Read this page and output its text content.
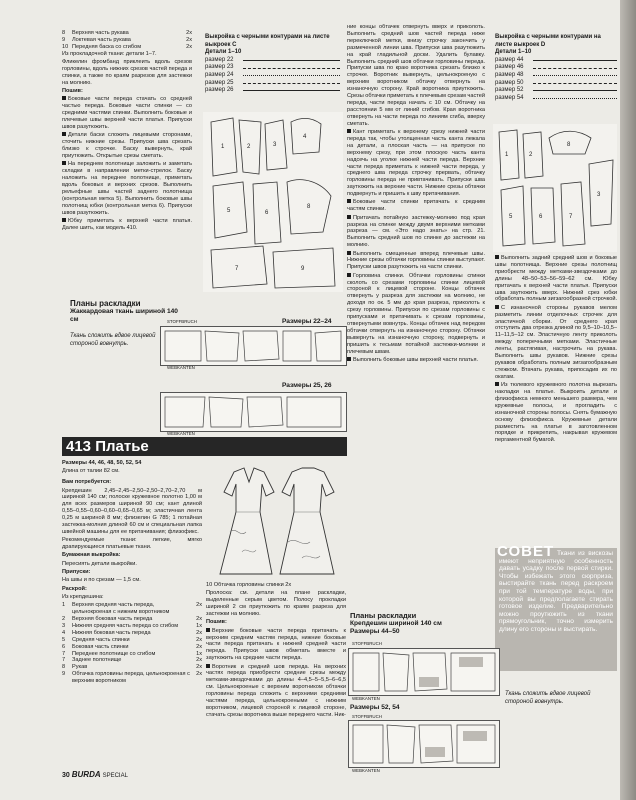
8	Верхняя часть рукава	2x
9	Локтевая часть рукава	2x
10 Передняя баска со сгибом	2x

Из прокладочной ткани: детали 1–7.

Фликелин фромбанд приклеить вдоль срезов горловины, вдоль нижних срезов частей переда и спинки, а также по краям разрезов для застежки на молнию.

Пошив:

Боковые части переда стачать со средней частью переда. Боковые части спинки — со средними частями спинки. Выполнить боковые и плечевые швы верхней части платья. Припуски швов разутюжить.

Детали баски сложить лицевыми сторонами, сточить нижние срезы. Припуски шва срезать близко к строчке. Баску вывернуть, край приутюжить. Открытые срезы сметать.

На переднем полотнище заложить и заметать складки в направлении метки-стрелок. Баску наложить на переднее полотнище, приметать вдоль боковых и верхних срезов. Выполнить рельефные швы частей заднего полотнища (контрольная метка 5). Выполнить боковые швы полотнищ юбки (контрольная метка 6). Припуски швов разутюжить.

Юбку приметать к верхней части платья. Далее шить, как модель 410.

Выкройка с черными контурами на листе выкроек С
Детали 1–10
размер 22
размер 23
размер 24
размер 25
размер 26
1	2	3
4
5	6
8
7	9
Планы раскладки
Жаккардовая ткань шириной 140 см
Ткань сложить вдвое лицевой стороной вовнутрь.
Размеры 22–24
STOFFBRUCH
WEBKANTEN
Размеры 25, 26
WEBKANTEN
413 Платье

Размеры 44, 46, 48, 50, 52, 54

Длина от талии 82 см.

Вам потребуется:

Крепдешин 2,45–2,45–2,50–2,50–2,70–2,70 м шириной 140 см; полоске кружевное полотно 1,00 м для всех размеров шириной 90 см; кант длиной 0,55–0,55–0,60–0,60–0,65–0,65 м; эластичная лента 0,25 м шириной 8 мм; флизелин G 785; 1 потайная застежка-молния длиной 60 см и специальная лапка швейной машины для ее притачивания; флизофикс.

Рекомендуемые ткани: легкие, мягко драпирующиеся платьевые ткани.

Бумажная выкройка:

Пересиять детали выкройки.

Припуски:

На швы и по срезам — 1,5 см.

Раскрой:

Из крепдешина:

1	Верхняя средняя часть переда, цельнокроеная с нижним воротником
2x
2	Верхняя боковая часть переда	2x
3	Нижняя средняя часть переда со сгибом	1x
4	Нижняя боковая часть переда	2x
5	Средняя часть спинки	2x
6	Боковая часть спинки	2x
7	Переднее полотнище со сгибом	1x
7	Заднее полотнище	2x
8	Рукав	2x
9	Обтачка горловины переда, цельнокроеная с верхним воротником
2x

10 Обтачка горловины спинки 2x

Пролоска: см. детали на плане раскладки, выделенные серым цветом. Полосу прокладки шириной 2 см приутюжить по краям разреза для застежки на молнию.

Пошив:

Верхние боковые части переда притачать к верхним средним частям переда, нижние боковые части переда притачать к нижней средней части переда. Припуски швов обметать вместе и заутюжить на средние части переда.

Воротник и средний шов переда. На верхних частях переда приобрести средние срезы между метками-звездочками до длины 4–4,5–5–5,5–6–6,5 см. Цельнокроеные с верхним воротником обтачки горловины переда сложить с верхними средними частями переда, цельнокроеными с нижним воротником, лицевой стороной к лицевой стороне, стачать срезы воротника выше переднего части. Ник-

ние концы обтачек отвернуть вверх и приколоть. Выполнить средний шов частей переда ниже переключкой метки, внизу строчку закончить у размеченной линии шва. Припуски шва разутюжить на край гладильной доски. Удалить булавку. Выполнить средний шов обтачки горловины переда. Припуски шва по краю воротника срезать близко к строчке. Воротник вывернуть, цельнокроеную с верхним воротником обтачку отвернуть на изнаночную сторону. Край воротника приутюжить. Срезы обтачки приметать к плечевым срезам частей переда, части переда начать с 10 см. Обтачку на расстоянии 5 мм от линий сгибов. Края воротника отвернуть на части переда по линиям сгиба, вверху сметать.

Кант приметать к верхнему срезу нижней части переда так, чтобы утолщенная часть канта лежала на детали, а плоская часть — на припуске по верхнему срезу, при этом плоскую часть канта надсечь на уголке нижней части переда. Верхние части переда приметать к нижней части переда, у среднего шва переда строчку прервать, обтачку горловины переда не привтачивать. Припуски шва заутюжить на верхние части. Нижние срезы обтачки подвернуть и пришить к шву притачивания.

Боковые части спинки притачать к средним частям спинки.

Притачать потайную застежку-молнию под края разреза на спинке между двумя верхними метками разреза — см. «Это надо знать» на стр. 21. Выполнить средний шов по спинке до застежки на молнию.

Выполнить смещенные вперед плечевые швы. Нижние срезы обтачки горловины спинки выступают. Припуски швов разутюжить на части спинки.

Горловина спинки. Обтачки горловины спинки сколоть со срезами горловины спинки лицевой стороной к лицевой стороне. Концы обтачек отвернуть у разреза для застежки на молнию, не доходя по ок. 5 мм до края разреза, приколоть к срезу горловины. Припуски по срезам горловины с припусками и притачивать к срезам горловины, отвернутыми вовнутрь. Концы обтачек над передом обтачки отвернуть на изнаночную сторону. Обтачки вывернуть на изнаночную сторону, подвернуть и пришить к тесьмам потайной застежки-молнии и плечевым швам.

Выполнить боковые швы верхней части платья.

Выкройка с черными контурами на листе выкроек D
Детали 1–10
размер 44
размер 46
размер 48
размер 50
размер 52
размер 54
1	2
8
5	6	7
3

Выполнить задний средний шов и боковые швы полотнища. Верхние срезы полотнищ приобрести между метками-звездочками до длины 48–50–53–56–59–62 см. Юбку притачать к верхней части платья. Припуски шва заутюжить вверх. Нижний срез юбки обработать полным зигзагообразной строчкой.

С изнаночной стороны рукавов мелом разметить линии отделочных строчек для эластичной сборки. От среднего края отступить два отрезка длиной по 9,5–10–10,5–11–11,5–12 см. Эластичную ленту приколоть между поперечными метками. Эластичные ленты, растягивая, настрочить на рукава. Выполнить швы рукавов. Нижние срезы рукавов обработать полным зигзагообразным стежком. Втачать рукава, припосадив их по окатам.

Из тюлевого кружевного полотна вырезать накладки на платье. Выкроить детали и флизофикса немного меньшего размера, чем кружевные полосы, и прогладить с изнаночной стороны полосы. Снять бумажную основу флизофикса. Кружевные детали разместить на платье в заготовленном порядке и прикрепить, накрывая кружевом пергаментной бумагой.

СОВЕТ Ткани из вискозы имеют неприятную особенность давать усадку после первой стирки. Чтобы избежать этого сюрприза, выстирайте ткань перед раскроем при той температуре воды, при которой вы предполагаете стирать готовое изделие. Предварительно можно проутюжить из ткани прямоугольник, точно измерить длину его стороны и выстирать.
Планы раскладки
Крепдешин шириной 140 см
Размеры 44–50
STOFFBRUCH
WEBKANTEN
Ткань сложить вдвое лицевой стороной вовнутрь.
Размеры 52, 54
STOFFBRUCH
WEBKANTEN
30 BURDA SPECIAL
